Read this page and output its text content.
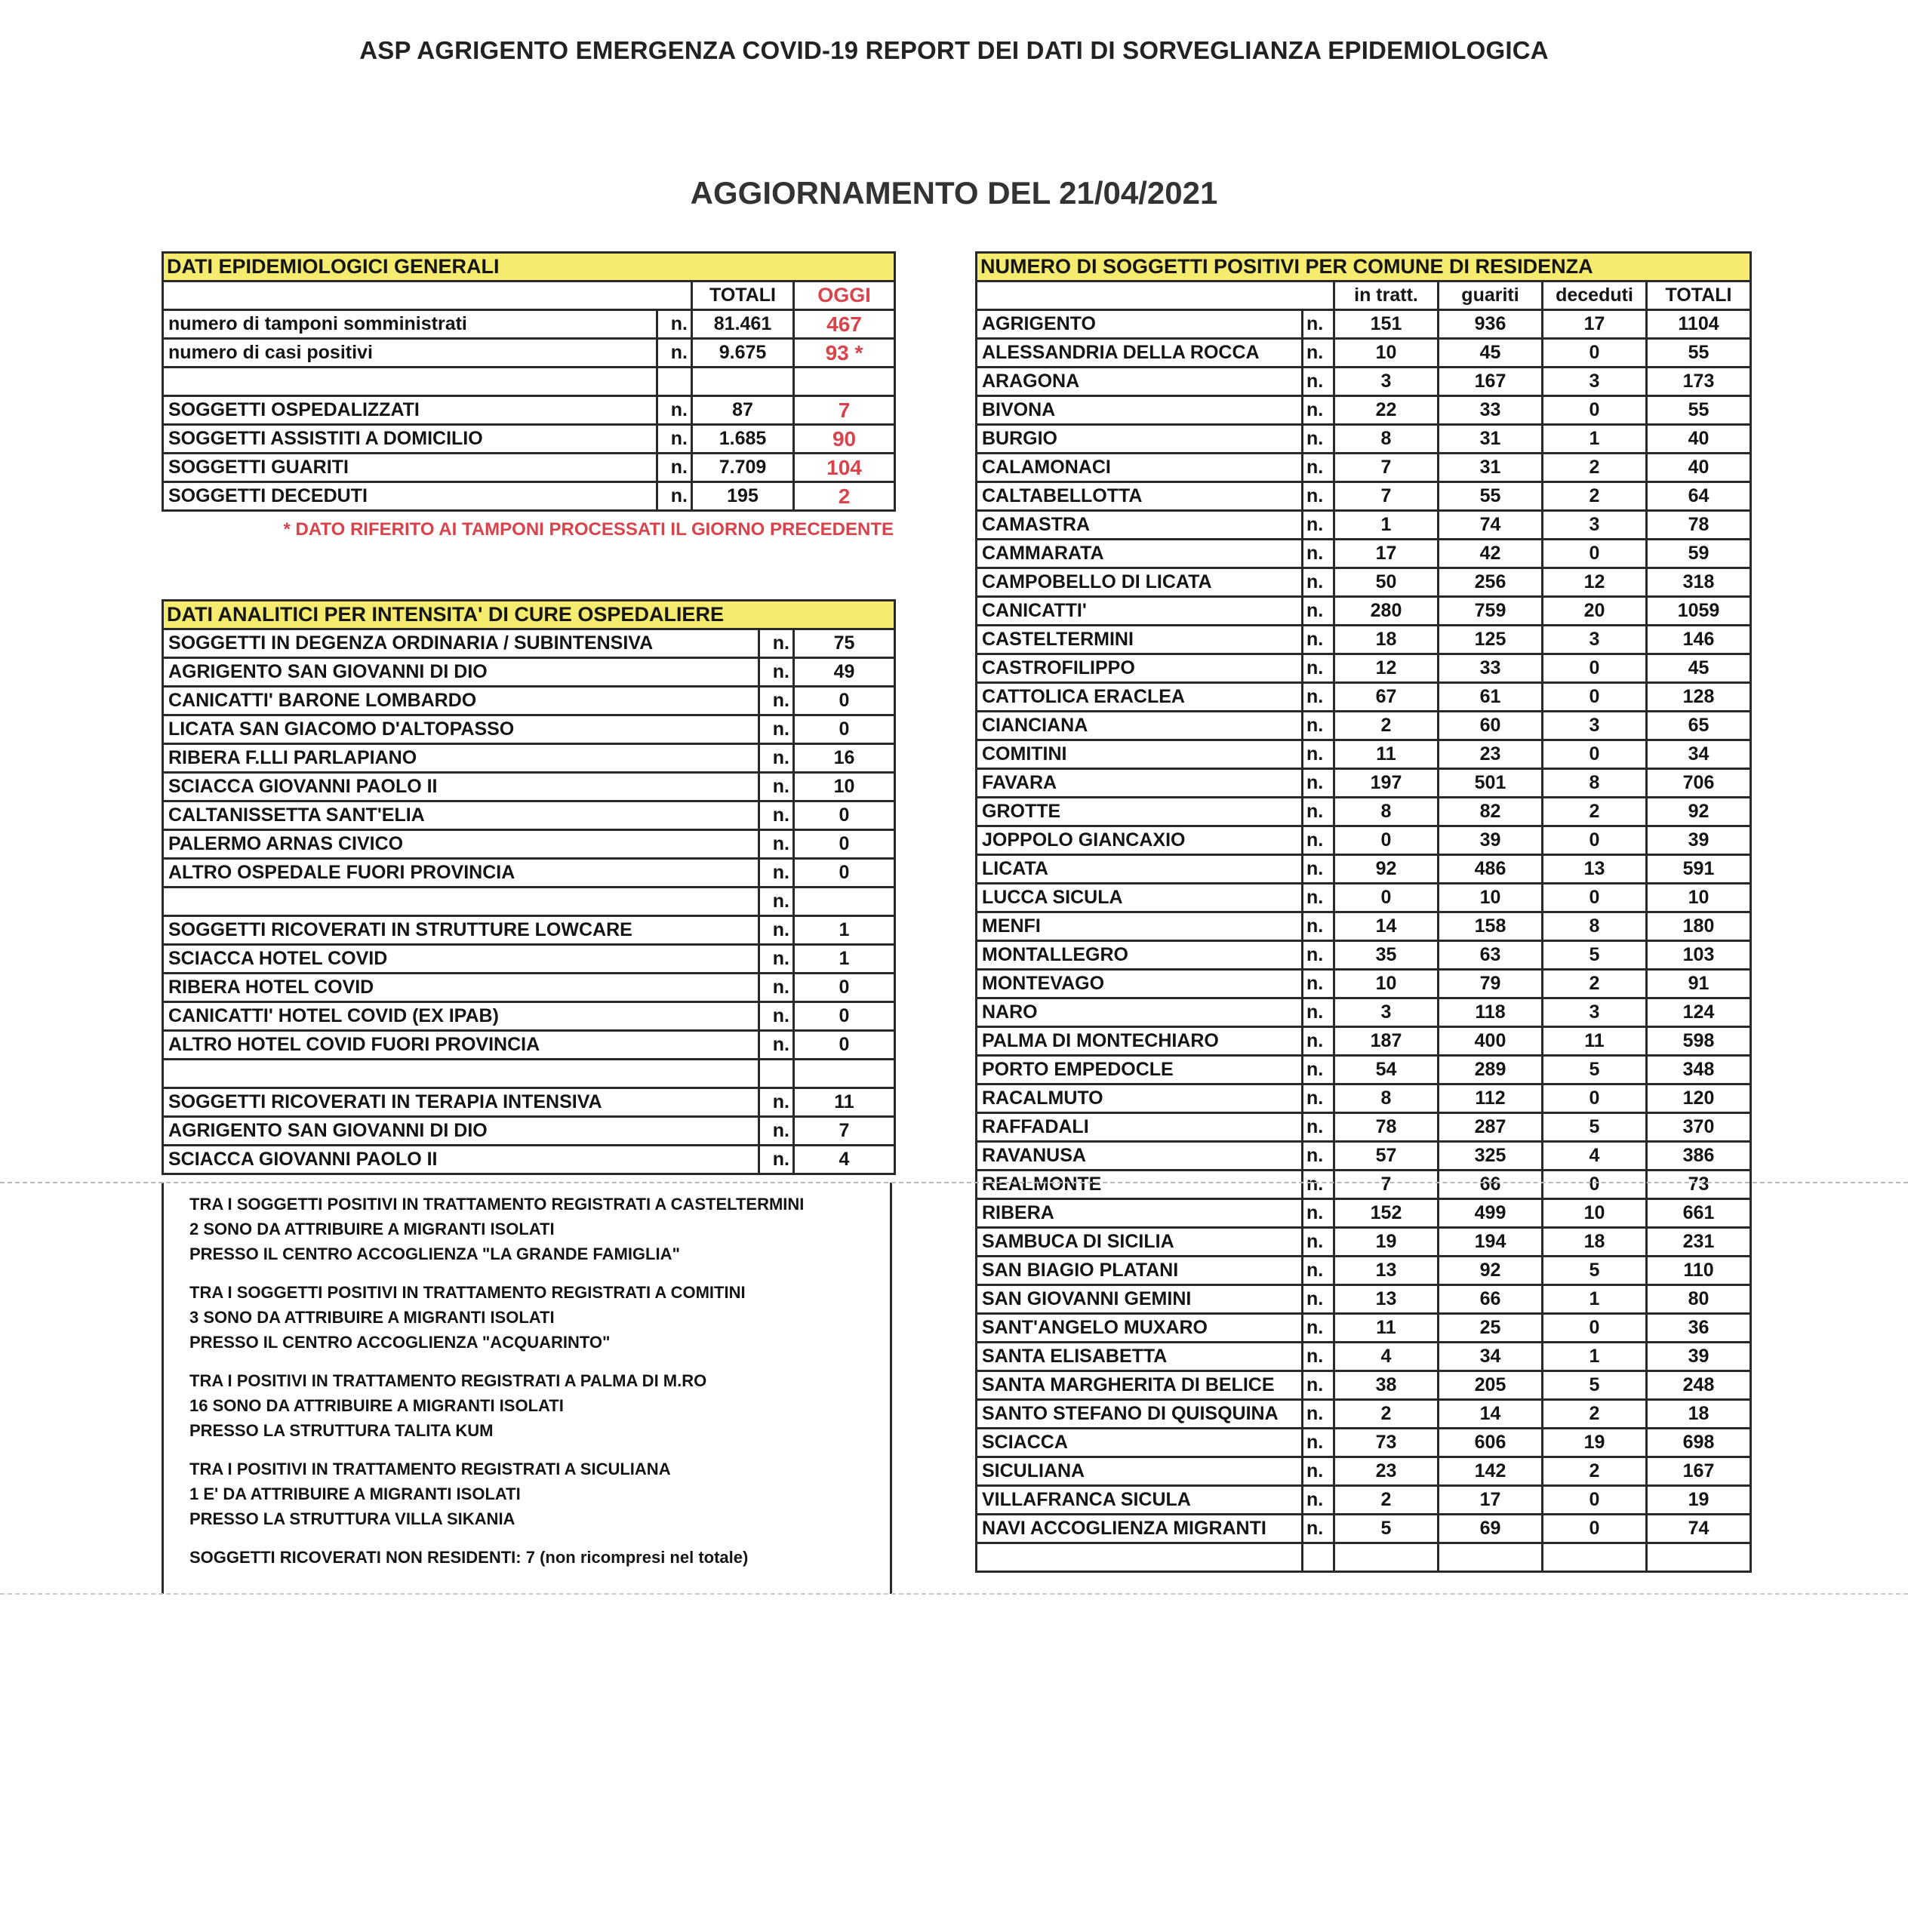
ASP AGRIGENTO EMERGENZA COVID-19 REPORT DEI DATI DI SORVEGLIANZA EPIDEMIOLOGICA
AGGIORNAMENTO DEL 21/04/2021
DATI EPIDEMIOLOGICI GENERALI			
		TOTALI	OGGI
numero di tamponi somministrati	n.	81.461	467
numero di casi positivi	n.	9.675	93 *

SOGGETTI OSPEDALIZZATI	n.	87	7
SOGGETTI ASSISTITI A DOMICILIO	n.	1.685	90
SOGGETTI GUARITI	n.	7.709	104
SOGGETTI DECEDUTI	n.	195	2
* DATO RIFERITO AI TAMPONI PROCESSATI IL GIORNO PRECEDENTE
DATI ANALITICI PER INTENSITA' DI CURE OSPEDALIERE		
SOGGETTI IN DEGENZA ORDINARIA / SUBINTENSIVA	n.	75
AGRIGENTO SAN GIOVANNI DI DIO	n.	49
CANICATTI' BARONE LOMBARDO	n.	0
LICATA SAN GIACOMO D'ALTOPASSO	n.	0
RIBERA F.LLI PARLAPIANO	n.	16
SCIACCA GIOVANNI PAOLO II	n.	10
CALTANISSETTA SANT'ELIA	n.	0
PALERMO ARNAS CIVICO	n.	0
ALTRO OSPEDALE FUORI PROVINCIA	n.	0
	n.	
SOGGETTI RICOVERATI IN STRUTTURE LOWCARE	n.	1
SCIACCA HOTEL COVID	n.	1
RIBERA HOTEL COVID	n.	0
CANICATTI' HOTEL COVID (EX IPAB)	n.	0
ALTRO HOTEL COVID FUORI PROVINCIA	n.	0

SOGGETTI RICOVERATI IN TERAPIA INTENSIVA	n.	11
AGRIGENTO SAN GIOVANNI DI DIO	n.	7
SCIACCA GIOVANNI PAOLO II	n.	4
TRA I SOGGETTI POSITIVI IN TRATTAMENTO REGISTRATI A CASTELTERMINI
2 SONO DA ATTRIBUIRE A MIGRANTI ISOLATI
PRESSO IL CENTRO ACCOGLIENZA "LA GRANDE FAMIGLIA"
TRA I SOGGETTI POSITIVI IN TRATTAMENTO REGISTRATI A COMITINI
3 SONO DA ATTRIBUIRE A MIGRANTI ISOLATI
PRESSO IL CENTRO ACCOGLIENZA "ACQUARINTO"
TRA I POSITIVI IN TRATTAMENTO REGISTRATI A PALMA DI M.RO
16 SONO DA ATTRIBUIRE A MIGRANTI ISOLATI
PRESSO LA STRUTTURA TALITA KUM
TRA I POSITIVI IN TRATTAMENTO REGISTRATI A SICULIANA
1 E' DA ATTRIBUIRE A MIGRANTI ISOLATI
PRESSO LA STRUTTURA VILLA SIKANIA
SOGGETTI RICOVERATI NON RESIDENTI: 7 (non ricompresi nel totale)
NUMERO DI SOGGETTI POSITIVI PER COMUNE DI RESIDENZA					
		in tratt.	guariti	deceduti	TOTALI
AGRIGENTO	n.	151	936	17	1104
ALESSANDRIA DELLA ROCCA	n.	10	45	0	55
ARAGONA	n.	3	167	3	173
BIVONA	n.	22	33	0	55
BURGIO	n.	8	31	1	40
CALAMONACI	n.	7	31	2	40
CALTABELLOTTA	n.	7	55	2	64
CAMASTRA	n.	1	74	3	78
CAMMARATA	n.	17	42	0	59
CAMPOBELLO DI LICATA	n.	50	256	12	318
CANICATTI'	n.	280	759	20	1059
CASTELTERMINI	n.	18	125	3	146
CASTROFILIPPO	n.	12	33	0	45
CATTOLICA ERACLEA	n.	67	61	0	128
CIANCIANA	n.	2	60	3	65
COMITINI	n.	11	23	0	34
FAVARA	n.	197	501	8	706
GROTTE	n.	8	82	2	92
JOPPOLO GIANCAXIO	n.	0	39	0	39
LICATA	n.	92	486	13	591
LUCCA SICULA	n.	0	10	0	10
MENFI	n.	14	158	8	180
MONTALLEGRO	n.	35	63	5	103
MONTEVAGO	n.	10	79	2	91
NARO	n.	3	118	3	124
PALMA DI MONTECHIARO	n.	187	400	11	598
PORTO EMPEDOCLE	n.	54	289	5	348
RACALMUTO	n.	8	112	0	120
RAFFADALI	n.	78	287	5	370
RAVANUSA	n.	57	325	4	386
REALMONTE	n.	7	66	0	73
RIBERA	n.	152	499	10	661
SAMBUCA DI SICILIA	n.	19	194	18	231
SAN BIAGIO PLATANI	n.	13	92	5	110
SAN GIOVANNI GEMINI	n.	13	66	1	80
SANT'ANGELO MUXARO	n.	11	25	0	36
SANTA ELISABETTA	n.	4	34	1	39
SANTA MARGHERITA DI BELICE	n.	38	205	5	248
SANTO STEFANO DI QUISQUINA	n.	2	14	2	18
SCIACCA	n.	73	606	19	698
SICULIANA	n.	23	142	2	167
VILLAFRANCA SICULA	n.	2	17	0	19
NAVI ACCOGLIENZA MIGRANTI	n.	5	69	0	74
